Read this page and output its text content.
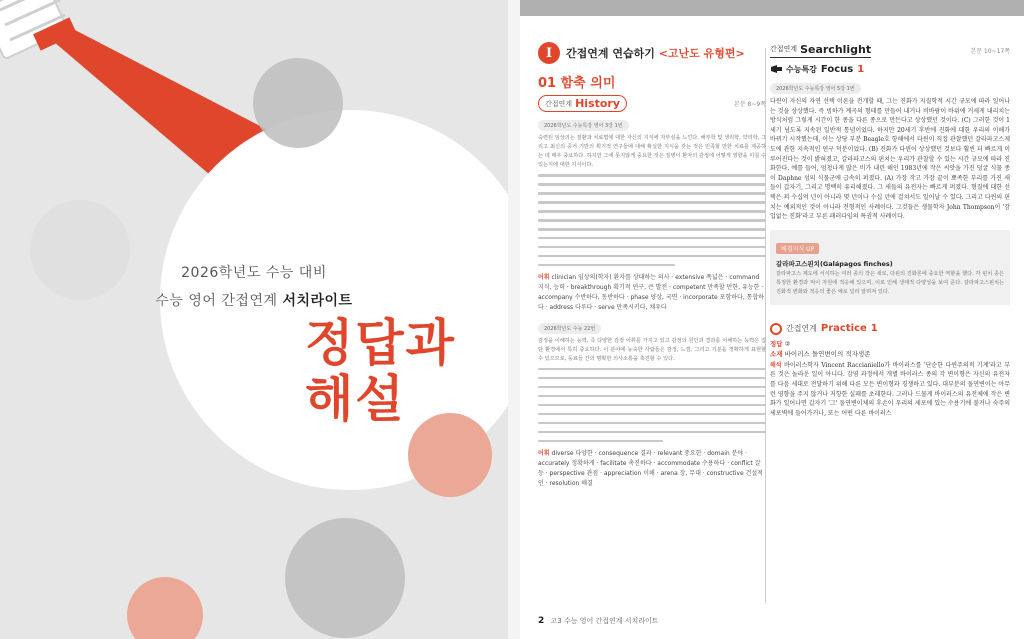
2026학년도 수능 대비
수능 영어 간접연계 서치라이트
정답과
해설
I	간접연계 연습하기 <고난도 유형편>
01 함축 의미
간접연계 History	본문 8~9쪽
2026학년도 수능특강 영어 3강 1번
숙련된 임상의는 질환과 치료법에 대한 자신의 지식에 자부심을 느낀다. 해부학 및 생리학, 약리학, 그리고 최신의 증거 기반의 획기적 연구들에 대해 확실한 지식을 갖는 것은 민족할 만한 치료를 제공하는 데 매우 중요하다. 하지만 그에 못지않게 중요한 것은 질병이 환자의 감정에 어떻게 영향을 미칠 수 있는지에 대한 지식이다.
어휘 clinician 임상의(학자) 환자를 상대하는 의사 · extensive 폭넓은 · command 지식, 능력 · breakthrough 획기적 연구, 큰 발전 · competent 만족할 만한, 유능한 · accompany 수반하다, 동반하다 · phase 양상, 국면 · incorporate 포함하다, 통합하다 · address 다루다 · serve 만족시키다, 채우다
2026학년도 수능 22번
감정을 이해하는 능력, 즉 다양한 감정 어휘를 가지고 있고 감정의 원인과 결과를 이해하는 능력은 집단 환경에서 특히 중요하다. 이 분야에 능숙한 사람들은 감정, 느낌, 그리고 기분을 정확하게 표현할 수 있으므로, 동료들 간의 명확한 의사소통을 촉진할 수 있다.
어휘 diverse 다양한 · consequence 결과 · relevant 중요한 · domain 분야 · accurately 정확하게 · facilitate 촉진하다 · accommodate 수용하다 · conflict 갈등 · perspective 관점 · appreciation 이해 · arena 장, 무대 · constructive 건설적인 · resolution 해결
간접연계 Searchlight	본문 10~17쪽
수능특강 Focus 1
2026학년도 수능특강 영어 5강 1번
다윈이 자신의 자연 선택 이론을 전개할 때, 그는 진화가 지질학적 시간 규모에 따라 일어나는 것을 상상했다. 즉 빙하가 계곡의 형태를 만들어 내거나 비바람이 바위에 거세게 내리치는 방식처럼 그렇게 시간이 한 종을 다른 종으로 만든다고 상상했던 것이다. (C) 그러한 것이 1세기 넘도록 지속된 일반적 통념이었다. 하지만 20세기 후반에 진화에 대한 우리의 이해가 바뀌기 시작했는데, 이는 상당 부분 Beagle호 항해에서 다윈이 직접 관찰했던 갈라파고스제도에 관한 지속적인 연구 덕분이었다. (B) 진화가 다윈이 상상했던 것보다 훨씬 더 빠르게 이루어진다는 것이 밝혀졌고, 갈라파고스의 핀치는 우리가 관찰할 수 있는 시간 규모에 따라 진화한다. 예를 들어, 엄청나게 많은 비가 내린 해인 1983년에 작은 씨앗을 가진 덩굴 식물 종이 Daphne 섬의 식물군에 급속히 퍼졌다. (A) 가장 작고 가장 끝이 뾰족한 부리를 가진 새들이 갑자기, 그리고 명백히 유리해졌다. 그 새들의 유전자는 빠르게 퍼졌다. 형질에 대한 선택은 꾀 수십억 년이 아니라 몇 년이나 수십 년에 걸쳐서도 일어날 수 있다. 그리고 다윈의 핀치는 예외적인 것이 아니라 전형적인 사례이다. 그것들은 생물학자 John Thompson이 '감입없는 진화'라고 부른 패러다임의 특권적 사례이다.
배경지식 UP
갈라파고스핀치(Galápagos finches)
갈라파고스 제도에 서식하는 여러 종의 작은 새로, 다윈의 진화론에 중요한 역할을 했다. 각 핀치 종은 특정한 환경과 먹이 자원에 적응해 있으며, 이로 인해 생태적 다양성을 보여 준다. 갈라파고스핀치는 진화적 변화와 적응의 좋은 예로 널리 알려져 있다.
간접연계 Practice 1
정답 ②
소재 바이러스 돌연변이의 적자생존
해석 바이러스학자 Vincent Raccianiello가 바이러스를 '단순한 다윈주의적 기계'라고 부른 것은 놀라운 일이 아니다. 감염 과정에서 개별 바이러스 종의 각 변이형은 자신의 유전자를 다음 세대로 전달하기 위해 다른 모든 변이형과 경쟁하고 있다. 대부분의 돌연변이는 아무런 영향을 주지 않거나 저항한 실패를 초래한다. 그러나 드물게 바이러스의 유전체에 작은 변화가 일어나면 갑자기 '그' 돌연변이체의 후손이 우리의 세포에 있는 수용기에 붙거나 숙주의 세포벽에 들어가거나, 또는 어떤 다른 바이러스
2 고3 수능 영어 간접연계 서치라이트
